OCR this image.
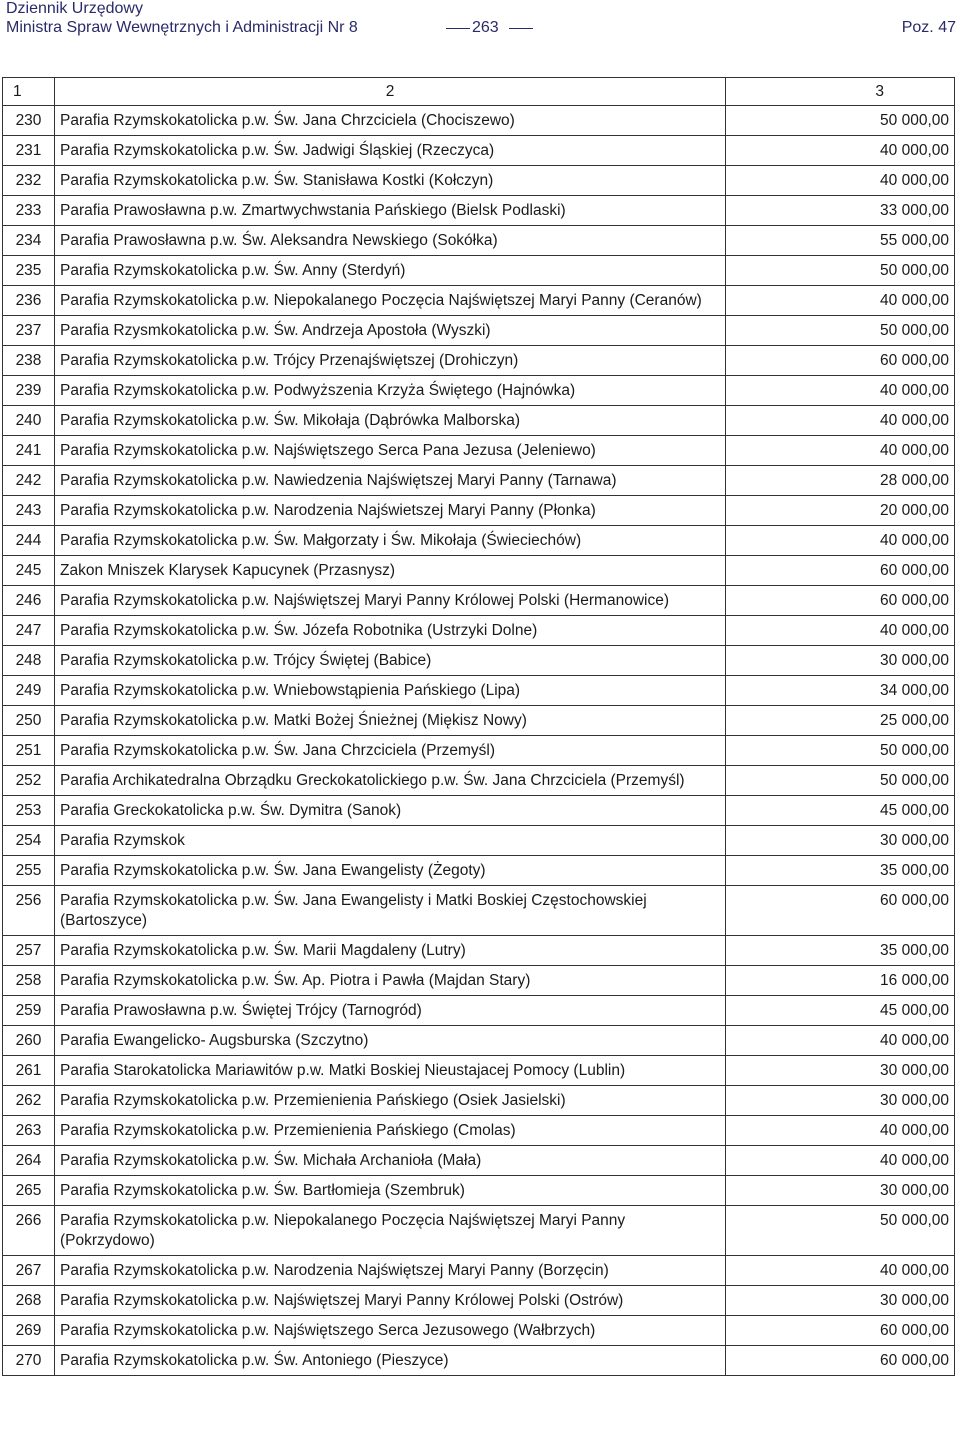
Dziennik Urzędowy
Ministra Spraw Wewnętrznych i Administracji Nr 8	263	Poz. 47
1	2	3
230	Parafia Rzymskokatolicka p.w. Św. Jana Chrzciciela (Chociszewo)	50 000,00
231	Parafia Rzymskokatolicka p.w. Św. Jadwigi Śląskiej (Rzeczyca)	40 000,00
232	Parafia Rzymskokatolicka p.w. Św. Stanisława Kostki (Kołczyn)	40 000,00
233	Parafia Prawosławna p.w. Zmartwychwstania Pańskiego (Bielsk Podlaski)	33 000,00
234	Parafia Prawosławna p.w. Św. Aleksandra Newskiego (Sokółka)	55 000,00
235	Parafia Rzymskokatolicka p.w. Św. Anny (Sterdyń)	50 000,00
236	Parafia Rzymskokatolicka p.w. Niepokalanego Poczęcia Najświętszej Maryi Panny (Ceranów)	40 000,00
237	Parafia Rzysmkokatolicka p.w. Św. Andrzeja Apostoła (Wyszki)	50 000,00
238	Parafia Rzymskokatolicka p.w. Trójcy Przenajświętszej (Drohiczyn)	60 000,00
239	Parafia Rzymskokatolicka p.w. Podwyższenia Krzyża Świętego (Hajnówka)	40 000,00
240	Parafia Rzymskokatolicka p.w. Św. Mikołaja (Dąbrówka Malborska)	40 000,00
241	Parafia Rzymskokatolicka p.w. Najświętszego Serca Pana Jezusa (Jeleniewo)	40 000,00
242	Parafia Rzymskokatolicka p.w. Nawiedzenia Najświętszej Maryi Panny (Tarnawa)	28 000,00
243	Parafia Rzymskokatolicka p.w. Narodzenia Najświetszej Maryi Panny (Płonka)	20 000,00
244	Parafia Rzymskokatolicka p.w. Św. Małgorzaty i Św. Mikołaja (Świeciechów)	40 000,00
245	Zakon Mniszek Klarysek Kapucynek (Przasnysz)	60 000,00
246	Parafia Rzymskokatolicka p.w. Najświętszej Maryi Panny Królowej Polski (Hermanowice)	60 000,00
247	Parafia Rzymskokatolicka p.w. Św. Józefa Robotnika (Ustrzyki Dolne)	40 000,00
248	Parafia Rzymskokatolicka p.w. Trójcy Świętej (Babice)	30 000,00
249	Parafia Rzymskokatolicka p.w. Wniebowstąpienia Pańskiego (Lipa)	34 000,00
250	Parafia Rzymskokatolicka p.w. Matki Bożej Śnieżnej (Miękisz Nowy)	25 000,00
251	Parafia Rzymskokatolicka p.w. Św. Jana Chrzciciela (Przemyśl)	50 000,00
252	Parafia Archikatedralna Obrządku Greckokatolickiego p.w. Św. Jana Chrzciciela (Przemyśl)	50 000,00
253	Parafia Greckokatolicka p.w. Św. Dymitra (Sanok)	45 000,00
254	Parafia Rzymskok	30 000,00
255	Parafia Rzymskokatolicka p.w. Św. Jana Ewangelisty (Żegoty)	35 000,00
256	Parafia Rzymskokatolicka p.w. Św. Jana Ewangelisty i Matki Boskiej Częstochowskiej (Bartoszyce)	60 000,00
257	Parafia Rzymskokatolicka p.w. Św. Marii Magdaleny (Lutry)	35 000,00
258	Parafia Rzymskokatolicka p.w. Św. Ap. Piotra i Pawła (Majdan Stary)	16 000,00
259	Parafia Prawosławna p.w. Świętej Trójcy (Tarnogród)	45 000,00
260	Parafia Ewangelicko- Augsburska (Szczytno)	40 000,00
261	Parafia Starokatolicka Mariawitów p.w. Matki Boskiej Nieustajacej Pomocy (Lublin)	30 000,00
262	Parafia Rzymskokatolicka p.w. Przemienienia Pańskiego (Osiek Jasielski)	30 000,00
263	Parafia Rzymskokatolicka p.w. Przemienienia Pańskiego (Cmolas)	40 000,00
264	Parafia Rzymskokatolicka p.w. Św. Michała Archanioła (Mała)	40 000,00
265	Parafia Rzymskokatolicka p.w. Św. Bartłomieja (Szembruk)	30 000,00
266	Parafia Rzymskokatolicka p.w. Niepokalanego Poczęcia Najświętszej Maryi Panny (Pokrzydowo)	50 000,00
267	Parafia Rzymskokatolicka p.w. Narodzenia Najświętszej Maryi Panny (Borzęcin)	40 000,00
268	Parafia Rzymskokatolicka p.w. Najświętszej Maryi Panny Królowej Polski (Ostrów)	30 000,00
269	Parafia Rzymskokatolicka p.w. Najświętszego Serca Jezusowego (Wałbrzych)	60 000,00
270	Parafia Rzymskokatolicka p.w. Św. Antoniego (Pieszyce)	60 000,00
